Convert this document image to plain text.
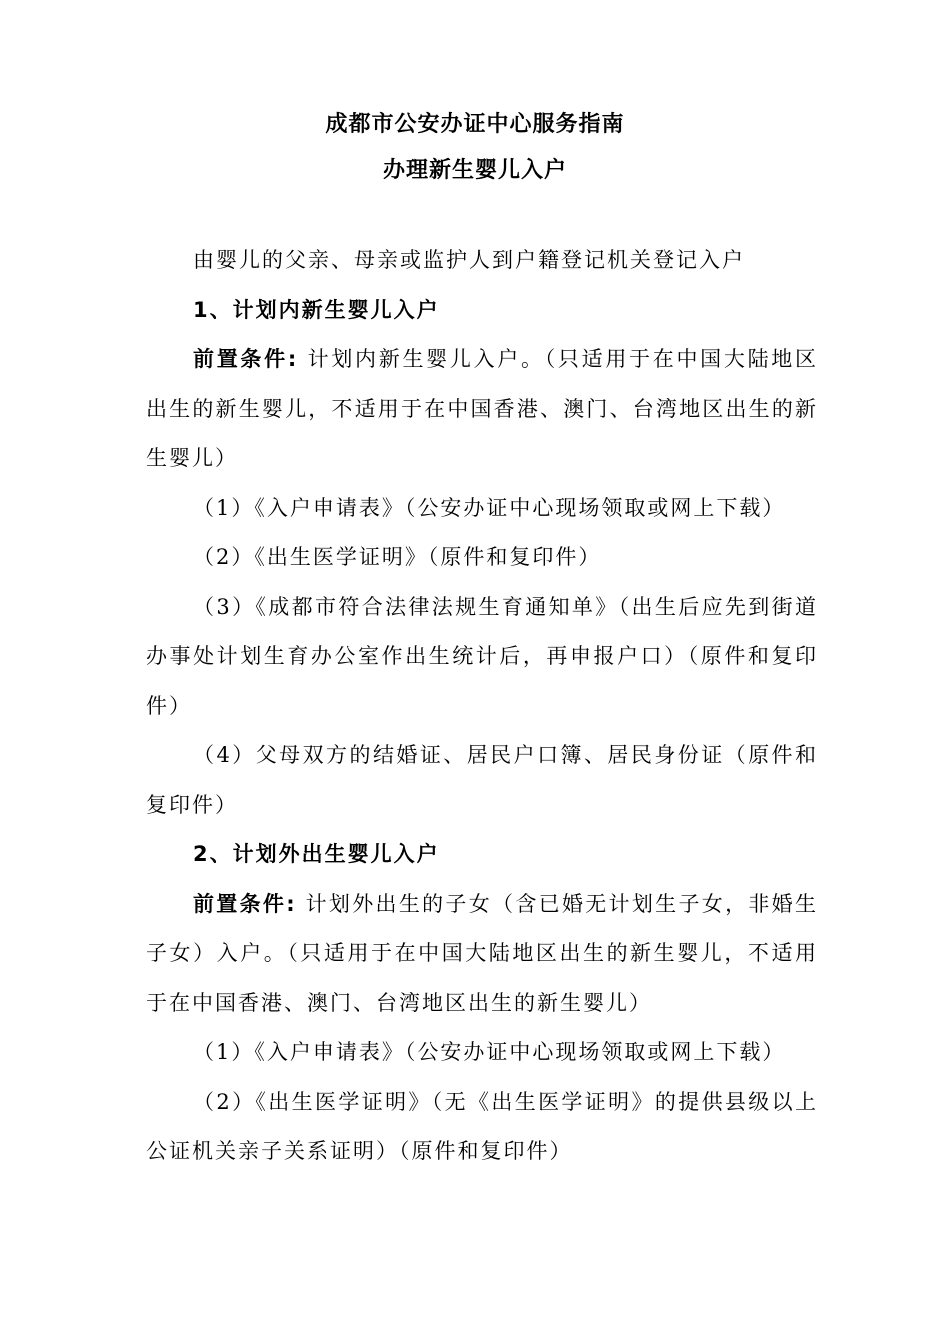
成都市公安办证中心服务指南
办理新生婴儿入户

由婴儿的父亲、母亲或监护人到户籍登记机关登记入户

1、计划内新生婴儿入户

前置条件: 计划内新生婴儿入户。（只适用于在中国大陆地区出生的新生婴儿，不适用于在中国香港、澳门、台湾地区出生的新生婴儿）

（1）《入户申请表》（公安办证中心现场领取或网上下载）

（2）《出生医学证明》（原件和复印件）

（3）《成都市符合法律法规生育通知单》（出生后应先到街道办事处计划生育办公室作出生统计后，再申报户口）（原件和复印件）

（4）父母双方的结婚证、居民户口簿、居民身份证（原件和复印件）

2、计划外出生婴儿入户

前置条件: 计划外出生的子女（含已婚无计划生子女，非婚生子女）入户。（只适用于在中国大陆地区出生的新生婴儿，不适用于在中国香港、澳门、台湾地区出生的新生婴儿）

（1）《入户申请表》（公安办证中心现场领取或网上下载）

（2）《出生医学证明》（无《出生医学证明》的提供县级以上公证机关亲子关系证明）（原件和复印件）
